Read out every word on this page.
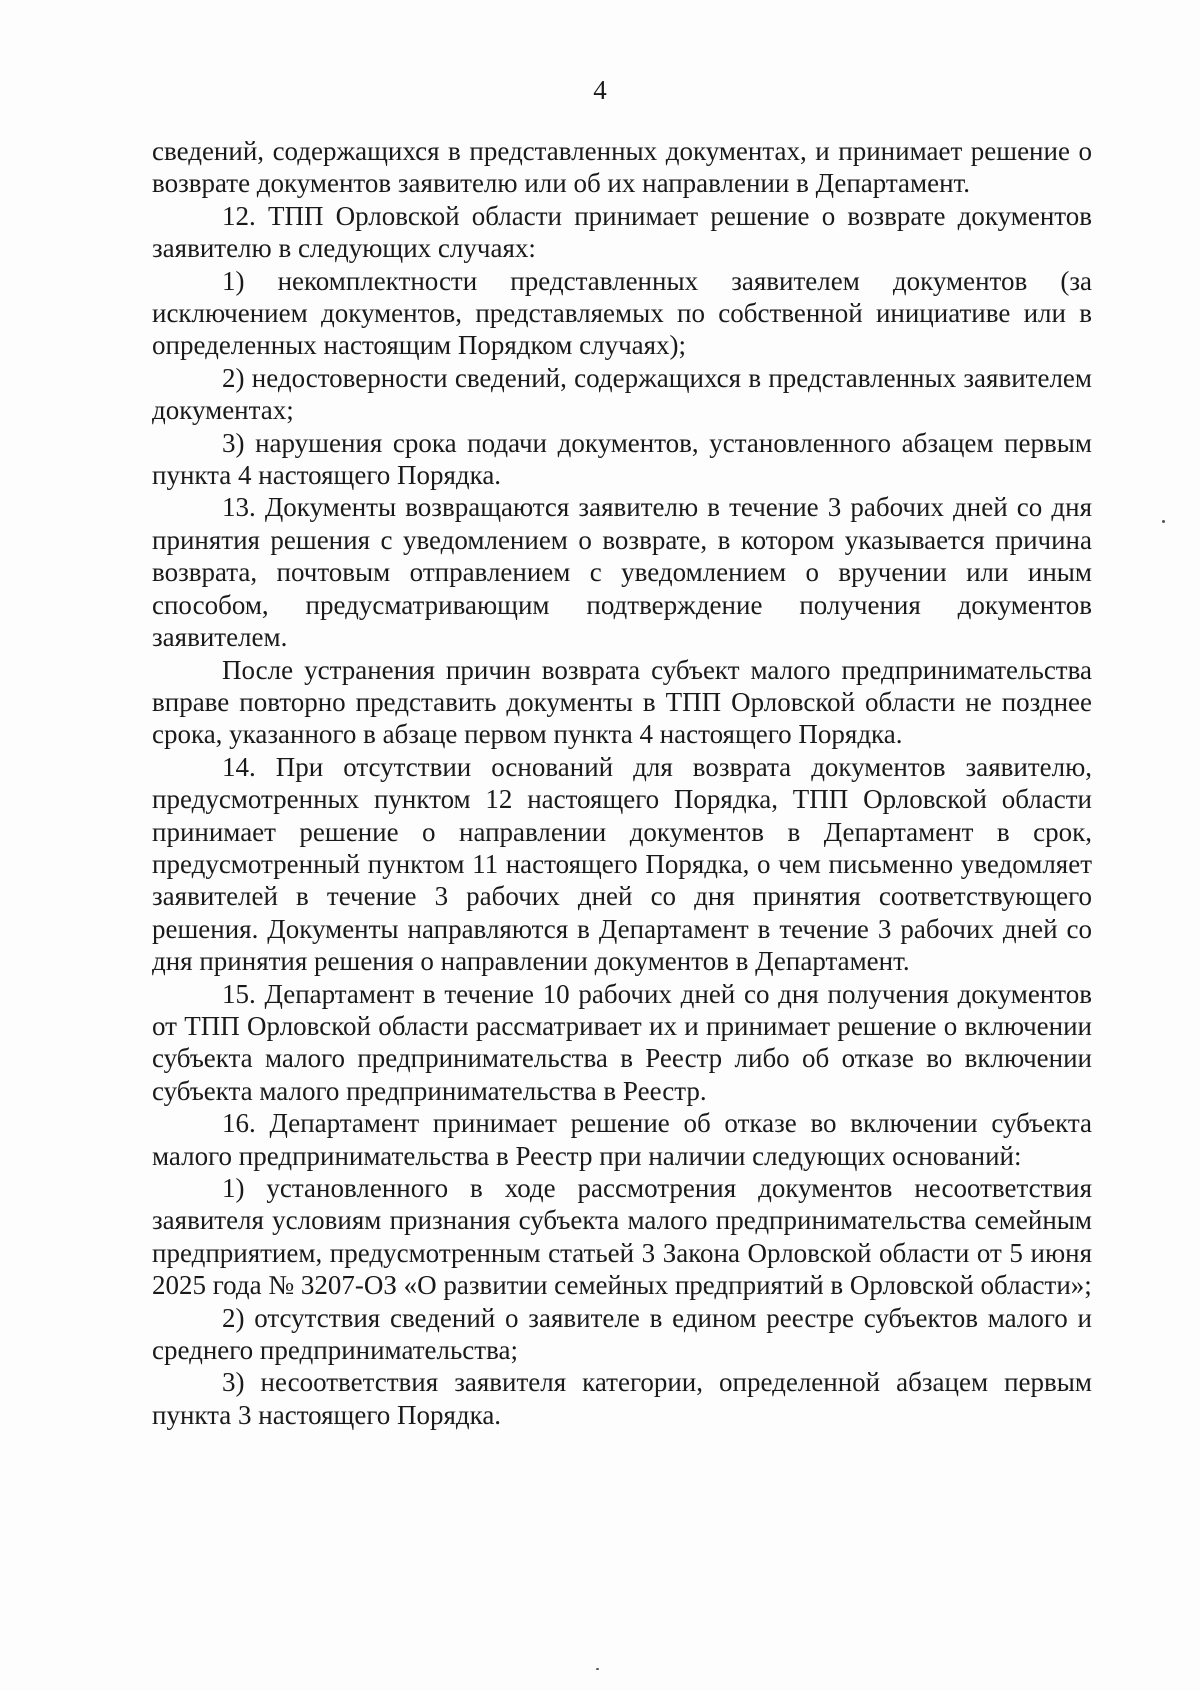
4

сведений, содержащихся в представленных документах, и принимает решение о возврате документов заявителю или об их направлении в Департамент.

12. ТПП Орловской области принимает решение о возврате документов заявителю в следующих случаях:

1) некомплектности представленных заявителем документов (за исключением документов, представляемых по собственной инициативе или в определенных настоящим Порядком случаях);

2) недостоверности сведений, содержащихся в представленных заявителем документах;

3) нарушения срока подачи документов, установленного абзацем первым пункта 4 настоящего Порядка.

13. Документы возвращаются заявителю в течение 3 рабочих дней со дня принятия решения с уведомлением о возврате, в котором указывается причина возврата, почтовым отправлением с уведомлением о вручении или иным способом, предусматривающим подтверждение получения документов заявителем.

После устранения причин возврата субъект малого предпринимательства вправе повторно представить документы в ТПП Орловской области не позднее срока, указанного в абзаце первом пункта 4 настоящего Порядка.

14. При отсутствии оснований для возврата документов заявителю, предусмотренных пунктом 12 настоящего Порядка, ТПП Орловской области принимает решение о направлении документов в Департамент в срок, предусмотренный пунктом 11 настоящего Порядка, о чем письменно уведомляет заявителей в течение 3 рабочих дней со дня принятия соответствующего решения. Документы направляются в Департамент в течение 3 рабочих дней со дня принятия решения о направлении документов в Департамент.

15. Департамент в течение 10 рабочих дней со дня получения документов от ТПП Орловской области рассматривает их и принимает решение о включении субъекта малого предпринимательства в Реестр либо об отказе во включении субъекта малого предпринимательства в Реестр.

16. Департамент принимает решение об отказе во включении субъекта малого предпринимательства в Реестр при наличии следующих оснований:

1) установленного в ходе рассмотрения документов несоответствия заявителя условиям признания субъекта малого предпринимательства семейным предприятием, предусмотренным статьей 3 Закона Орловской области от 5 июня 2025 года № 3207-ОЗ «О развитии семейных предприятий в Орловской области»;

2) отсутствия сведений о заявителе в едином реестре субъектов малого и среднего предпринимательства;

3) несоответствия заявителя категории, определенной абзацем первым пункта 3 настоящего Порядка.
